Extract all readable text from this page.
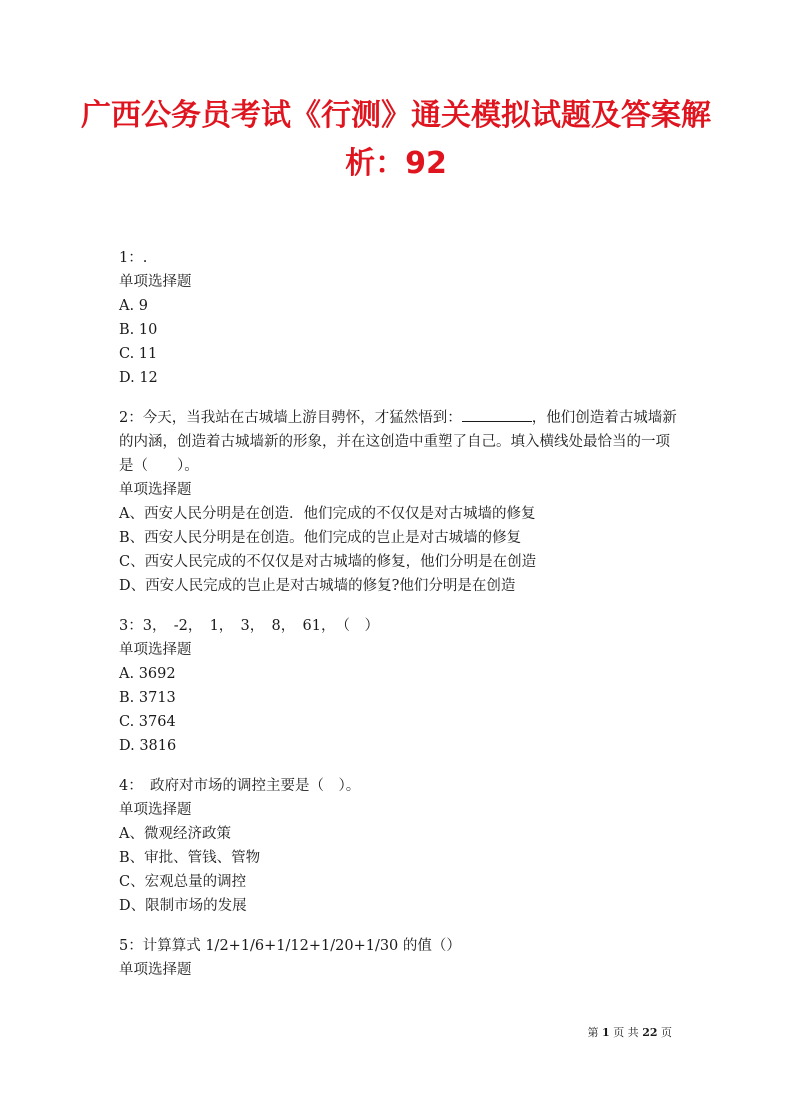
广西公务员考试《行测》通关模拟试题及答案解析：92

1：.

单项选择题

A. 9

B. 10

C. 11

D. 12

2：今天，当我站在古城墙上游目骋怀，才猛然悟到：	，他们创造着古城墙新的内涵，创造着古城墙新的形象，并在这创造中重塑了自己。填入横线处最恰当的一项是（　　）。

单项选择题

A、西安人民分明是在创造．他们完成的不仅仅是对古城墙的修复

B、西安人民分明是在创造。他们完成的岂止是对古城墙的修复

C、西安人民完成的不仅仅是对古城墙的修复，他们分明是在创造

D、西安人民完成的岂止是对古城墙的修复?他们分明是在创造

3：3，　-2，　1，　3，　8，　61，　（　）

单项选择题

A. 3692

B. 3713

C. 3764

D. 3816

4：　政府对市场的调控主要是（　）。

单项选择题

A、微观经济政策

B、审批、管钱、管物

C、宏观总量的调控

D、限制市场的发展

5：计算算式 1/2+1/6+1/12+1/20+1/30 的值（）

单项选择题

第 1 页 共 22 页
